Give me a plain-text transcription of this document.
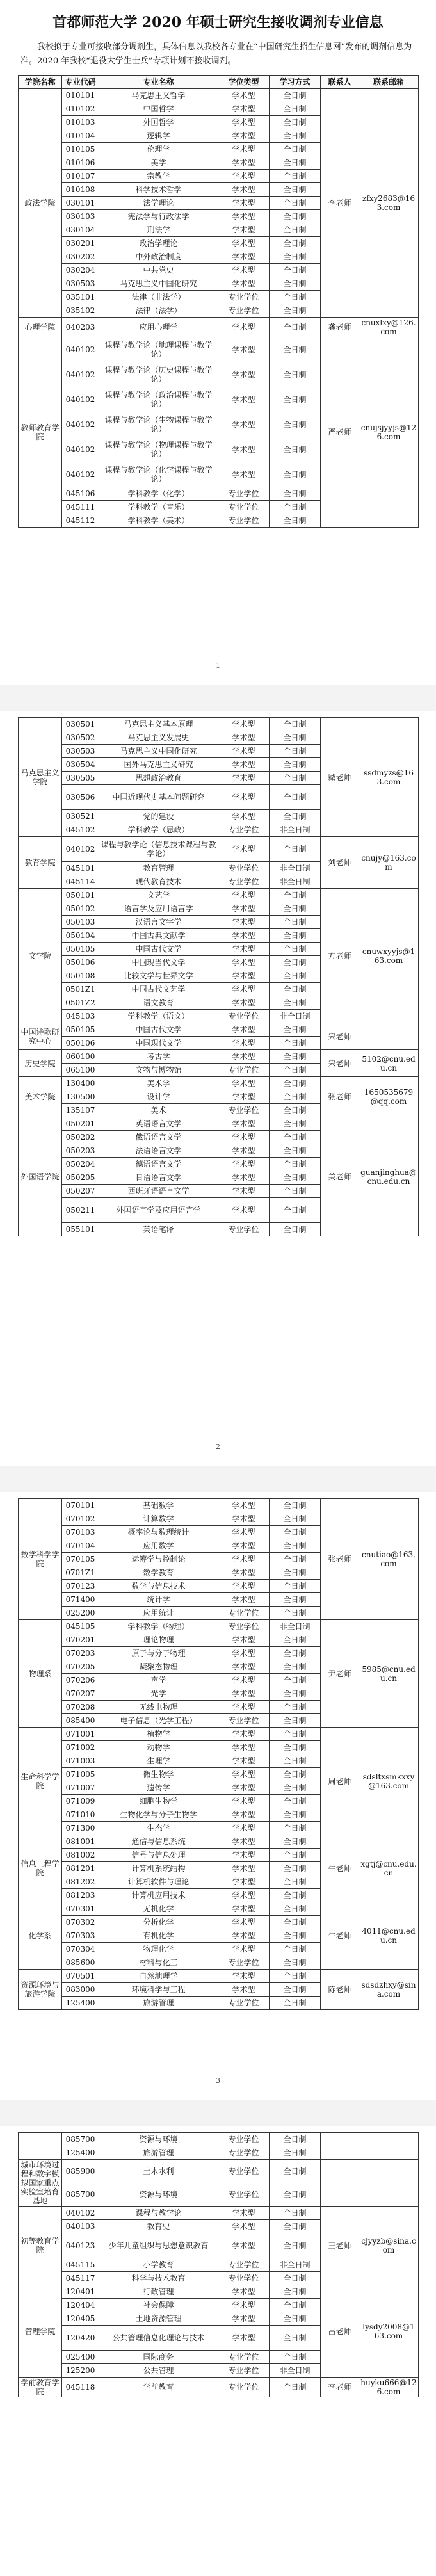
首都师范大学 2020 年硕士研究生接收调剂专业信息

我校拟于专业可接收部分调剂生，具体信息以我校各专业在“中国研究生招生信息网”发布的调剂信息为准。2020 年我校“退役大学生士兵”专项计划不接收调剂。

学院名称	专业代码	专业名称	学位类型	学习方式	联系人	联系邮箱
政法学院	010101	马克思主义哲学	学术型	全日制	李老师	zfxy2683@163.com
	010102	中国哲学	学术型	全日制		
	010103	外国哲学	学术型	全日制		
	010104	逻辑学	学术型	全日制		
	010105	伦理学	学术型	全日制		
	010106	美学	学术型	全日制		
	010107	宗教学	学术型	全日制		
	010108	科学技术哲学	学术型	全日制		
	030101	法学理论	学术型	全日制		
	030103	宪法学与行政法学	学术型	全日制		
	030104	刑法学	学术型	全日制		
	030201	政治学理论	学术型	全日制		
	030202	中外政治制度	学术型	全日制		
	030204	中共党史	学术型	全日制		
	030503	马克思主义中国化研究	学术型	全日制		
	035101	法律（非法学）	专业学位	全日制		
	035102	法律（法学）	专业学位	全日制		
心理学院	040203	应用心理学	学术型	全日制	龚老师	cnuxlxy@126.com
教师教育学院	040102	课程与教学论（地理课程与教学论）	学术型	全日制	严老师	cnujsjyyjs@126.com
	040102	课程与教学论（历史课程与教学论）	学术型	全日制		
	040102	课程与教学论（政治课程与教学论）	学术型	全日制		
	040102	课程与教学论（生物课程与教学论）	学术型	全日制		
	040102	课程与教学论（物理课程与教学论）	学术型	全日制		
	040102	课程与教学论（化学课程与教学论）	学术型	全日制		
	045106	学科教学（化学）	专业学位	全日制		
	045111	学科教学（音乐）	专业学位	全日制		
	045112	学科教学（美术）	专业学位	全日制		
1
马克思主义学院	030501	马克思主义基本原理	学术型	全日制	臧老师	ssdmyzs@163.com
	030502	马克思主义发展史	学术型	全日制		
	030503	马克思主义中国化研究	学术型	全日制		
	030504	国外马克思主义研究	学术型	全日制		
	030505	思想政治教育	学术型	全日制		
	030506	中国近现代史基本问题研究	学术型	全日制		
	030521	党的建设	学术型	全日制		
	045102	学科教学（思政）	专业学位	非全日制		
教育学院	040102	课程与教学论（信息技术课程与教学论）	学术型	全日制	刘老师	cnujy@163.com
	045101	教育管理	专业学位	非全日制		
	045114	现代教育技术	专业学位	非全日制		
文学院	050101	文艺学	学术型	全日制	方老师	cnuwxyyjs@163.com
	050102	语言学及应用语言学	学术型	全日制		
	050103	汉语言文字学	学术型	全日制		
	050104	中国古典文献学	学术型	全日制		
	050105	中国古代文学	学术型	全日制		
	050106	中国现当代文学	学术型	全日制		
	050108	比较文学与世界文学	学术型	全日制		
	0501Z1	中国古代文艺学	学术型	全日制		
	0501Z2	语文教育	学术型	全日制		
	045103	学科教学（语文）	专业学位	非全日制		
中国诗歌研究中心	050105	中国古代文学	学术型	全日制	宋老师	
	050106	中国现代文学	学术型	全日制		
历史学院	060100	考古学	学术型	全日制	宋老师	5102@cnu.edu.cn
	065100	文物与博物馆	专业学位	全日制		
美术学院	130400	美术学	学术型	全日制	张老师	1650535679@qq.com
	130500	设计学	学术型	全日制		
	135107	美术	专业学位	全日制		
外国语学院	050201	英语语言文学	学术型	全日制	关老师	guanjinghua@cnu.edu.cn
	050202	俄语语言文学	学术型	全日制		
	050203	法语语言文学	学术型	全日制		
	050204	德语语言文学	学术型	全日制		
	050205	日语语言文学	学术型	全日制		
	050207	西班牙语语言文学	学术型	全日制		
	050211	外国语言学及应用语言学	学术型	全日制		
	055101	英语笔译	专业学位	全日制		
2
数学科学学院	070101	基础数学	学术型	全日制	张老师	cnutiao@163.com
	070102	计算数学	学术型	全日制		
	070103	概率论与数理统计	学术型	全日制		
	070104	应用数学	学术型	全日制		
	070105	运筹学与控制论	学术型	全日制		
	0701Z1	数学教育	学术型	全日制		
	070123	数学与信息技术	学术型	全日制		
	071400	统计学	学术型	全日制		
	025200	应用统计	专业学位	全日制		
物理系	045105	学科教学（物理）	专业学位	非全日制	尹老师	5985@cnu.edu.cn
	070201	理论物理	学术型	全日制		
	070203	原子与分子物理	学术型	全日制		
	070205	凝聚态物理	学术型	全日制		
	070206	声学	学术型	全日制		
	070207	光学	学术型	全日制		
	070208	无线电物理	学术型	全日制		
	085400	电子信息（光学工程）	专业学位	全日制		
生命科学学院	071001	植物学	学术型	全日制	周老师	sdsltxsmkxxy@163.com
	071002	动物学	学术型	全日制		
	071003	生理学	学术型	全日制		
	071005	微生物学	学术型	全日制		
	071007	遗传学	学术型	全日制		
	071009	细胞生物学	学术型	全日制		
	071010	生物化学与分子生物学	学术型	全日制		
	071300	生态学	学术型	全日制		
信息工程学院	081001	通信与信息系统	学术型	全日制	牛老师	xgtj@cnu.edu.cn
	081002	信号与信息处理	学术型	全日制		
	081201	计算机系统结构	学术型	全日制		
	081202	计算机软件与理论	学术型	全日制		
	081203	计算机应用技术	学术型	全日制		
化学系	070301	无机化学	学术型	全日制	牛老师	4011@cnu.edu.cn
	070302	分析化学	学术型	全日制		
	070303	有机化学	学术型	全日制		
	070304	物理化学	学术型	全日制		
	085600	材料与化工	专业学位	全日制		
资源环境与旅游学院	070501	自然地理学	学术型	全日制	陈老师	sdsdzhxy@sina.com
	083000	环境科学与工程	学术型	全日制		
	125400	旅游管理	专业学位	全日制		
3
	085700	资源与环境	专业学位	全日制		
	125400	旅游管理	专业学位	全日制		
城市环境过程和数字模拟国家重点实验室培育基地	085900	土木水利	专业学位	全日制		
	085700	资源与环境	专业学位	全日制		
初等教育学院	040102	课程与教学论	学术型	全日制	王老师	cjyyzb@sina.com
	040103	教育史	学术型	全日制		
	040123	少年儿童组织与思想意识教育	学术型	全日制		
	045115	小学教育	专业学位	非全日制		
	045117	科学与技术教育	专业学位	全日制		
管理学院	120401	行政管理	学术型	全日制	吕老师	lysdy2008@163.com
	120404	社会保障	学术型	全日制		
	120405	土地资源管理	学术型	全日制		
	120420	公共管理信息化理论与技术	学术型	全日制		
	025400	国际商务	专业学位	全日制		
	125200	公共管理	专业学位	非全日制		
学前教育学院	045118	学前教育	专业学位	全日制	李老师	huyku666@126.com
